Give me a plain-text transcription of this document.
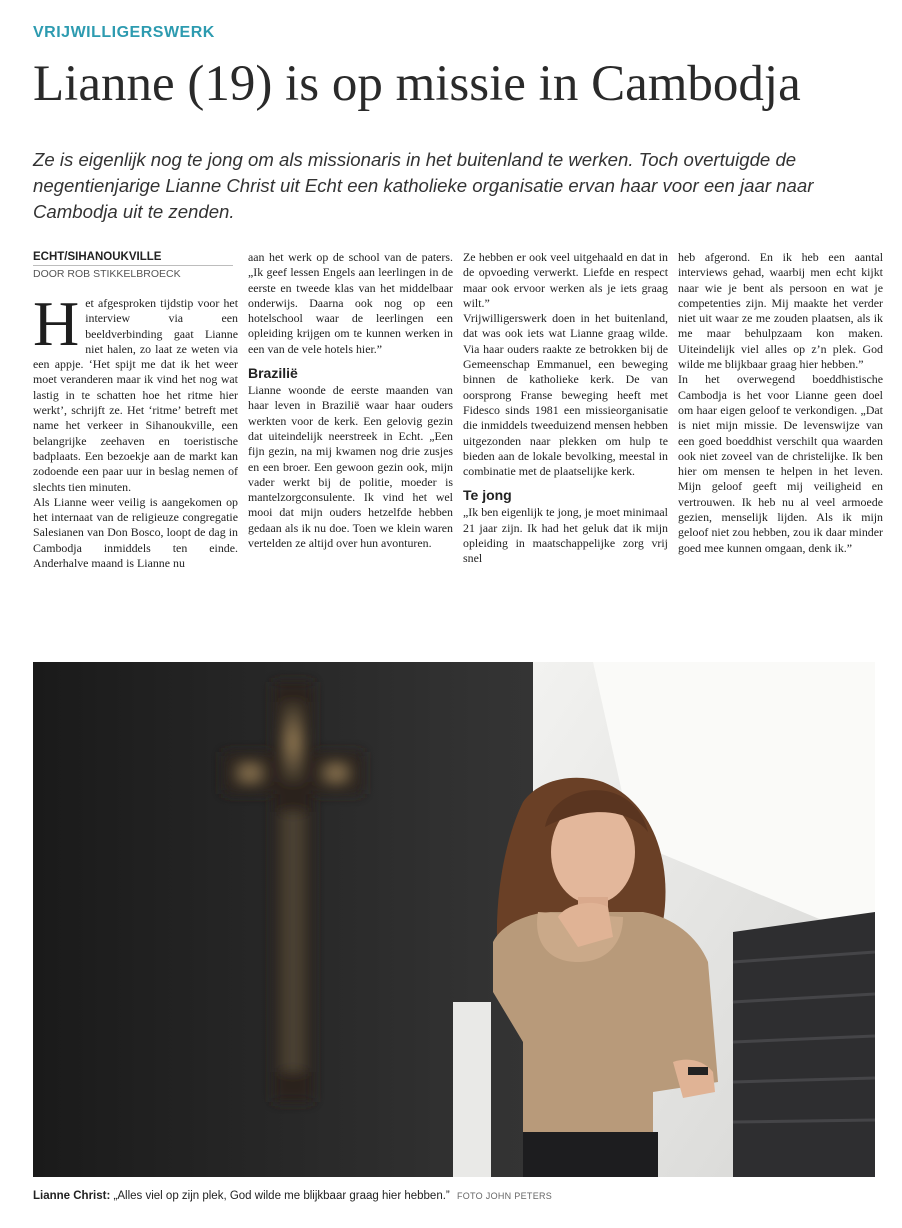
VRIJWILLIGERSWERK
Lianne (19) is op missie in Cambodja
Ze is eigenlijk nog te jong om als missionaris in het buitenland te werken. Toch overtuigde de negentienjarige Lianne Christ uit Echt een katholieke organisatie ervan haar voor een jaar naar Cambodja uit te zenden.
ECHT/SIHANOUKVILLE
DOOR ROB STIKKELBROECK

Het afgesproken tijdstip voor het interview via een beeldverbinding gaat Lianne niet halen, zo laat ze weten via een appje. ‘Het spijt me dat ik het weer moet veranderen maar ik vind het nog wat lastig in te schatten hoe het ritme hier werkt’, schrijft ze. Het ‘ritme’ betreft met name het verkeer in Sihanoukville, een belangrijke zeehaven en toeristische badplaats. Een bezoekje aan de markt kan zodoende een paar uur in beslag nemen of slechts tien minuten.

Als Lianne weer veilig is aangekomen op het internaat van de religieuze congregatie Salesianen van Don Bosco, loopt de dag in Cambodja inmiddels ten einde. Anderhalve maand is Lianne nu

aan het werk op de school van de paters. „Ik geef lessen Engels aan leerlingen in de eerste en tweede klas van het middelbaar onderwijs. Daarna ook nog op een hotelschool waar de leerlingen een opleiding krijgen om te kunnen werken in een van de vele hotels hier.”

Brazilië

Lianne woonde de eerste maanden van haar leven in Brazilië waar haar ouders werkten voor de kerk. Een gelovig gezin dat uiteindelijk neerstreek in Echt. „Een fijn gezin, na mij kwamen nog drie zusjes en een broer. Een gewoon gezin ook, mijn vader werkt bij de politie, moeder is mantelzorgconsulente. Ik vind het wel mooi dat mijn ouders hetzelfde hebben gedaan als ik nu doe. Toen we klein waren vertelden ze altijd over hun avonturen.

Ze hebben er ook veel uitgehaald en dat in de opvoeding verwerkt. Liefde en respect maar ook ervoor werken als je iets graag wilt.”

Vrijwilligerswerk doen in het buitenland, dat was ook iets wat Lianne graag wilde. Via haar ouders raakte ze betrokken bij de Gemeenschap Emmanuel, een beweging binnen de katholieke kerk. De van oorsprong Franse beweging heeft met Fidesco sinds 1981 een missieorganisatie die inmiddels tweeduizend mensen hebben uitgezonden naar plekken om hulp te bieden aan de lokale bevolking, meestal in combinatie met de plaatselijke kerk.

Te jong

„Ik ben eigenlijk te jong, je moet minimaal 21 jaar zijn. Ik had het geluk dat ik mijn opleiding in maatschappelijke zorg vrij snel

heb afgerond. En ik heb een aantal interviews gehad, waarbij men echt kijkt naar wie je bent als persoon en wat je competenties zijn. Mij maakte het verder niet uit waar ze me zouden plaatsen, als ik me maar behulpzaam kon maken. Uiteindelijk viel alles op z’n plek. God wilde me blijkbaar graag hier hebben.”

In het overwegend boeddhistische Cambodja is het voor Lianne geen doel om haar eigen geloof te verkondigen. „Dat is niet mijn missie. De levenswijze van een goed boeddhist verschilt qua waarden ook niet zoveel van de christelijke. Ik ben hier om mensen te helpen in het leven. Mijn geloof geeft mij veiligheid en vertrouwen. Ik heb nu al veel armoede gezien, menselijk lijden. Als ik mijn geloof niet zou hebben, zou ik daar minder goed mee kunnen omgaan, denk ik.”

Lianne Christ: „Alles viel op zijn plek, God wilde me blijkbaar graag hier hebben.” FOTO JOHN PETERS
